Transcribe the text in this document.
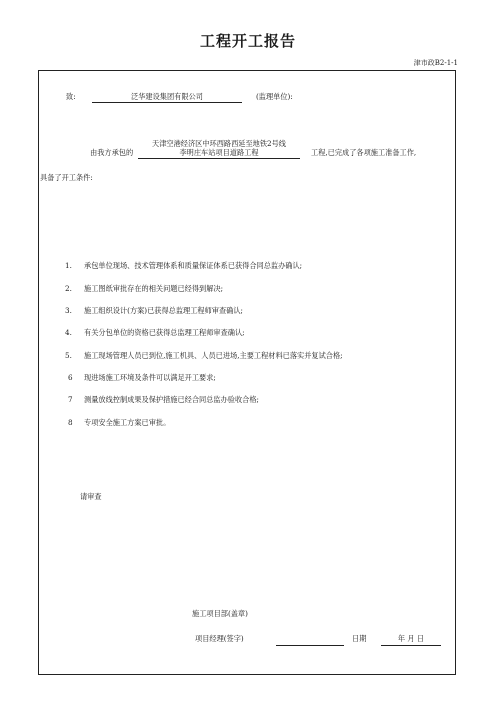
工程开工报告
津市政B2-1-1
致:	泛华建设集团有限公司	(监理单位):
天津空港经济区中环西路西延至地铁2号线
由我方承包的	李明庄车站项目道路工程	工程,已完成了各项施工准备工作,
具备了开工条件:
1. 承包单位现场、技术管理体系和质量保证体系已获得合同总监办确认;
2. 施工图纸审批存在的相关问题已经得到解决;
3. 施工组织设计(方案)已获得总监理工程师审查确认;
4. 有关分包单位的资格已获得总监理工程师审查确认;
5. 施工现场管理人员已到位,施工机具、人员已进场,主要工程材料已落实并复试合格;
6 现进场施工环境及条件可以满足开工要求;
7 测量放线控制成果及保护措施已经合同总监办验收合格;
8 专项安全施工方案已审批。
请审查
施工项目部(盖章)
项目经理(签字)	日期	年 月 日
